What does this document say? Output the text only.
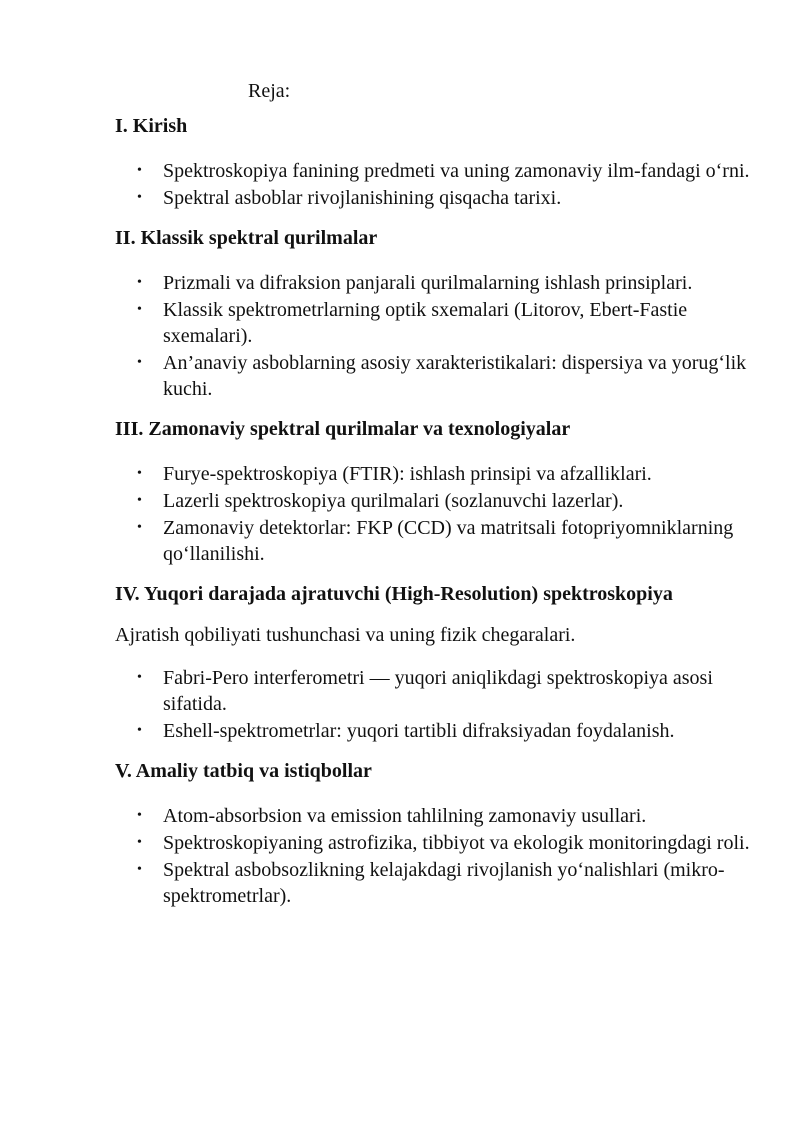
Reja:
I. Kirish
• Spektroskopiya fanining predmeti va uning zamonaviy ilm-fandagi o‘rni.
• Spektral asboblar rivojlanishining qisqacha tarixi.
II. Klassik spektral qurilmalar
• Prizmali va difraksion panjarali qurilmalarning ishlash prinsiplari.
• Klassik spektrometrlarning optik sxemalari (Litorov, Ebert-Fastie sxemalari).
• An’anaviy asboblarning asosiy xarakteristikalari: dispersiya va yorug‘lik kuchi.
III. Zamonaviy spektral qurilmalar va texnologiyalar
• Furye-spektroskopiya (FTIR): ishlash prinsipi va afzalliklari.
• Lazerli spektroskopiya qurilmalari (sozlanuvchi lazerlar).
• Zamonaviy detektorlar: FKP (CCD) va matritsali fotopriyomniklarning qo‘llanilishi.
IV. Yuqori darajada ajratuvchi (High-Resolution) spektroskopiya
Ajratish qobiliyati tushunchasi va uning fizik chegaralari.
• Fabri-Pero interferometri — yuqori aniqlikdagi spektroskopiya asosi sifatida.
• Eshell-spektrometrlar: yuqori tartibli difraksiyadan foydalanish.
V. Amaliy tatbiq va istiqbollar
• Atom-absorbsion va emission tahlilning zamonaviy usullari.
• Spektroskopiyaning astrofizika, tibbiyot va ekologik monitoringdagi roli.
• Spektral asbobsozlikning kelajakdagi rivojlanish yo‘nalishlari (mikro-spektrometrlar).
